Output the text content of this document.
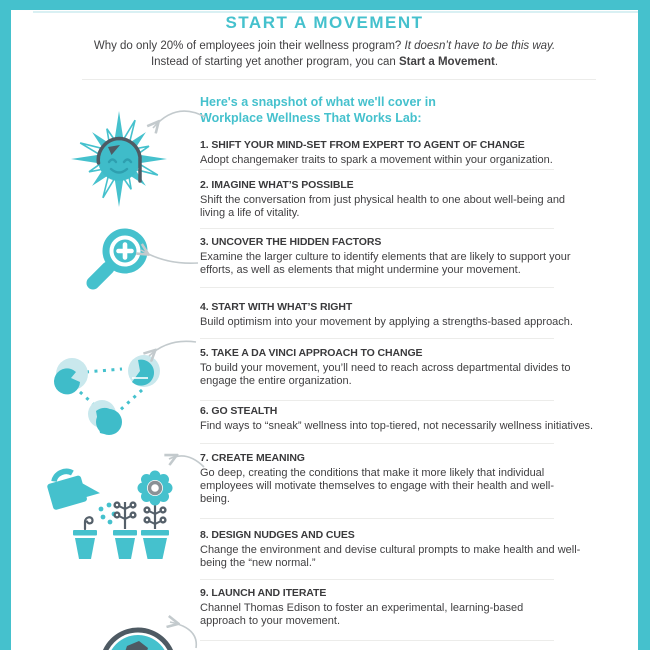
START A MOVEMENT
Why do only 20% of employees join their wellness program? It doesn’t have to be this way.
Instead of starting yet another program, you can Start a Movement.
Here's a snapshot of what we'll cover in
Workplace Wellness That Works Lab:
1. SHIFT YOUR MIND-SET FROM EXPERT TO AGENT OF CHANGE

Adopt changemaker traits to spark a movement within your organization.

2. IMAGINE WHAT’S POSSIBLE

Shift the conversation from just physical health to one about well-being and living a life of vitality.

3. UNCOVER THE HIDDEN FACTORS

Examine the larger culture to identify elements that are likely to support your efforts, as well as elements that might undermine your movement.

4. START WITH WHAT’S RIGHT

Build optimism into your movement by applying a strengths-based approach.

5. TAKE A DA VINCI APPROACH TO CHANGE

To build your movement, you’ll need to reach across departmental divides to engage the entire organization.

6. GO STEALTH

Find ways to “sneak” wellness into top-tiered, not necessarily wellness initiatives.

7. CREATE MEANING

Go deep, creating the conditions that make it more likely that individual employees will motivate themselves to engage with their health and well-being.

8. DESIGN NUDGES AND CUES

Change the environment and devise cultural prompts to make health and well-being the “new normal.”

9. LAUNCH AND ITERATE

Channel Thomas Edison to foster an experimental, learning-based approach to your movement.
